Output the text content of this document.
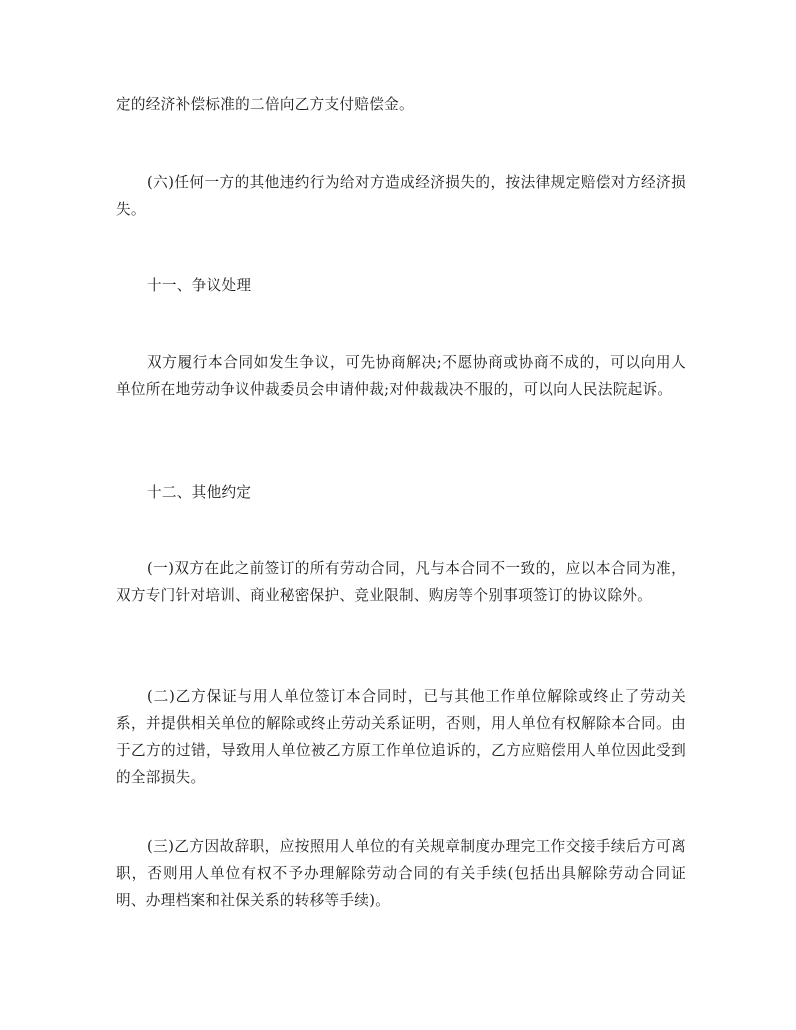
定的经济补偿标准的二倍向乙方支付赔偿金。

(六)任何一方的其他违约行为给对方造成经济损失的，按法律规定赔偿对方经济损失。

十一、争议处理

双方履行本合同如发生争议，可先协商解决;不愿协商或协商不成的，可以向用人单位所在地劳动争议仲裁委员会申请仲裁;对仲裁裁决不服的，可以向人民法院起诉。

十二、其他约定

(一)双方在此之前签订的所有劳动合同，凡与本合同不一致的，应以本合同为准，双方专门针对培训、商业秘密保护、竞业限制、购房等个别事项签订的协议除外。

(二)乙方保证与用人单位签订本合同时，已与其他工作单位解除或终止了劳动关系，并提供相关单位的解除或终止劳动关系证明，否则，用人单位有权解除本合同。由于乙方的过错，导致用人单位被乙方原工作单位追诉的，乙方应赔偿用人单位因此受到的全部损失。

(三)乙方因故辞职，应按照用人单位的有关规章制度办理完工作交接手续后方可离职，否则用人单位有权不予办理解除劳动合同的有关手续(包括出具解除劳动合同证明、办理档案和社保关系的转移等手续)。
